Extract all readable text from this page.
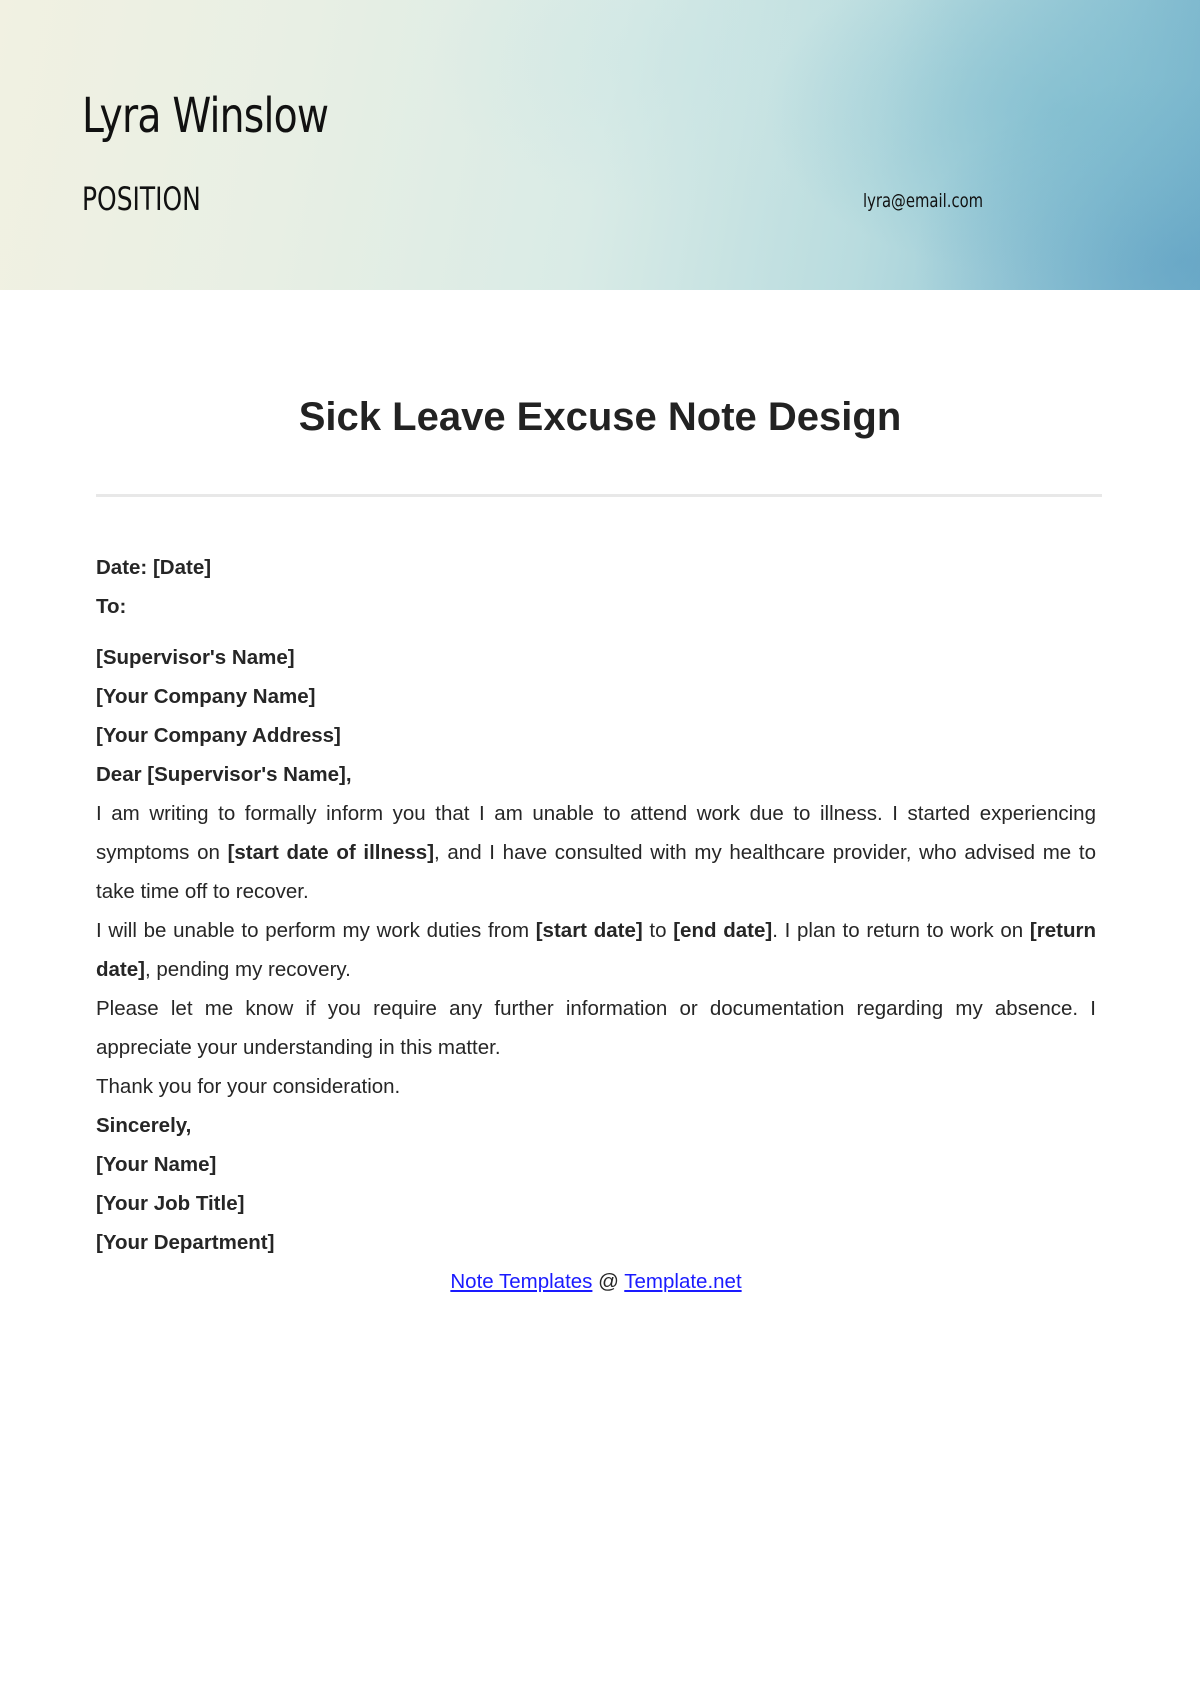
Lyra Winslow
POSITION	lyra@email.com
Sick Leave Excuse Note Design
Date: [Date]
To:
[Supervisor's Name]
[Your Company Name]
[Your Company Address]
Dear [Supervisor's Name],
I am writing to formally inform you that I am unable to attend work due to illness. I started experiencing symptoms on [start date of illness], and I have consulted with my healthcare provider, who advised me to take time off to recover.
I will be unable to perform my work duties from [start date] to [end date]. I plan to return to work on [return date], pending my recovery.
Please let me know if you require any further information or documentation regarding my absence. I appreciate your understanding in this matter.
Thank you for your consideration.
Sincerely,
[Your Name]
[Your Job Title]
[Your Department]
Note Templates @ Template.net
